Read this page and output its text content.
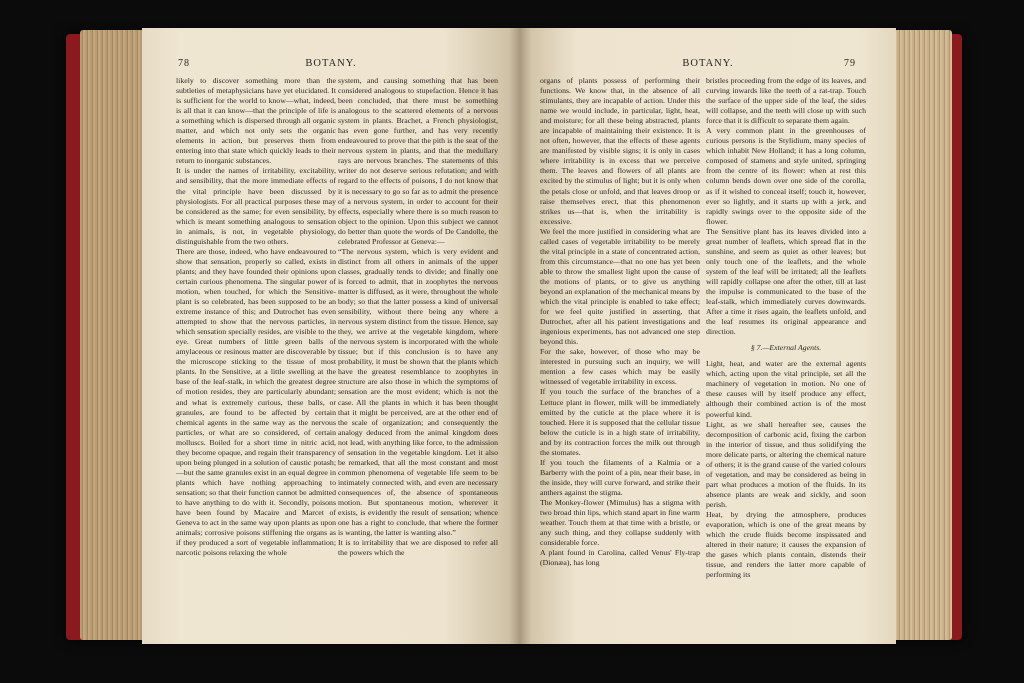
78	BOTANY.

likely to discover something more than the subtleties of metaphysicians have yet elucidated. It is sufficient for the world to know—what, indeed, is all that it can know—that the principle of life is a something which is dispersed through all organic matter, and which not only sets the organic elements in action, but preserves them from entering into that state which quickly leads to their return to inorganic substances.

It is under the names of irritability, excitability, and sensibility, that the more immediate effects of the vital principle have been discussed by physiologists. For all practical purposes these may be considered as the same; for even sensibility, by which is meant something analogous to sensation in animals, is not, in vegetable physiology, distinguishable from the two others.

There are those, indeed, who have endeavoured to show that sensation, properly so called, exists in plants; and they have founded their opinions upon certain curious phenomena. The singular power of motion, when touched, for which the Sensitive-plant is so celebrated, has been supposed to be an extreme instance of this; and Dutrochet has even attempted to show that the nervous particles, in which sensation specially resides, are visible to the eye. Great numbers of little green balls of amylaceous or resinous matter are discoverable by the microscope sticking to the tissue of most plants. In the Sensitive, at a little swelling at the base of the leaf-stalk, in which the greatest degree of motion resides, they are particularly abundant; and what is extremely curious, these balls, or granules, are found to be affected by certain chemical agents in the same way as the nervous particles, or what are so considered, of certain molluscs. Boiled for a short time in nitric acid, they become opaque, and regain their transparency upon being plunged in a solution of caustic potash;—but the same granules exist in an equal degree in plants which have nothing approaching to sensation; so that their function cannot be admitted to have anything to do with it. Secondly, poisons have been found by Macaire and Marcet of Geneva to act in the same way upon plants as upon animals; corrosive poisons stiffening the organs as if they produced a sort of vegetable inflammation; narcotic poisons relaxing the whole

system, and causing something that has been considered analogous to stupefaction. Hence it has been concluded, that there must be something analogous to the scattered elements of a nervous system in plants. Brachet, a French physiologist, has even gone further, and has very recently endeavoured to prove that the pith is the seat of the nervous system in plants, and that the medullary rays are nervous branches. The statements of this writer do not deserve serious refutation; and with regard to the effects of poisons, I do not know that it is necessary to go so far as to admit the presence of a nervous system, in order to account for their effects, especially where there is so much reason to object to the opinion. Upon this subject we cannot do better than quote the words of De Candolle, the celebrated Professor at Geneva:—

“The nervous system, which is very evident and distinct from all others in animals of the upper classes, gradually tends to divide; and finally one is forced to admit, that in zoophytes the nervous matter is diffused, as it were, throughout the whole body; so that the latter possess a kind of universal sensibility, without there being any where a nervous system distinct from the tissue. Hence, say they, we arrive at the vegetable kingdom, where the nervous system is incorporated with the whole tissue; but if this conclusion is to have any probability, it must be shown that the plants which have the greatest resemblance to zoophytes in structure are also those in which the symptoms of sensation are the most evident; which is not the case. All the plants in which it has been thought that it might be perceived, are at the other end of the scale of organization; and consequently the analogy deduced from the animal kingdom does not lead, with anything like force, to the admission of sensation in the vegetable kingdom. Let it also be remarked, that all the most constant and most common phenomena of vegetable life seem to be intimately connected with, and even are necessary consequences of, the absence of spontaneous motion. But spontaneous motion, wherever it exists, is evidently the result of sensation; whence one has a right to conclude, that where the former is wanting, the latter is wanting also.”

It is to irritability that we are disposed to refer all the powers which the

BOTANY.	79

organs of plants possess of performing their functions. We know that, in the absence of all stimulants, they are incapable of action. Under this name we would include, in particular, light, heat, and moisture; for all these being abstracted, plants are incapable of maintaining their existence. It is not often, however, that the effects of these agents are manifested by visible signs; it is only in cases where irritability is in excess that we perceive them. The leaves and flowers of all plants are excited by the stimulus of light; but it is only when the petals close or unfold, and that leaves droop or raise themselves erect, that this phenomenon strikes us—that is, when the irritability is excessive.

We feel the more justified in considering what are called cases of vegetable irritability to be merely the vital principle in a state of concentrated action, from this circumstance—that no one has yet been able to throw the smallest light upon the cause of the motions of plants, or to give us anything beyond an explanation of the mechanical means by which the vital principle is enabled to take effect; for we feel quite justified in asserting, that Dutrochet, after all his patient investigations and ingenious experiments, has not advanced one step beyond this.

For the sake, however, of those who may be interested in pursuing such an inquiry, we will mention a few cases which may be easily witnessed of vegetable irritability in excess.

If you touch the surface of the branches of a Lettuce plant in flower, milk will be immediately emitted by the cuticle at the place where it is touched. Here it is supposed that the cellular tissue below the cuticle is in a high state of irritability, and by its contraction forces the milk out through the stomates.

If you touch the filaments of a Kalmia or a Barberry with the point of a pin, near their base, in the inside, they will curve forward, and strike their anthers against the stigma.

The Monkey-flower (Mimulus) has a stigma with two broad thin lips, which stand apart in fine warm weather. Touch them at that time with a bristle, or any such thing, and they collapse suddenly with considerable force.

A plant found in Carolina, called Venus' Fly-trap (Dionæa), has long

bristles proceeding from the edge of its leaves, and curving inwards like the teeth of a rat-trap. Touch the surface of the upper side of the leaf, the sides will collapse, and the teeth will close up with such force that it is difficult to separate them again.

A very common plant in the greenhouses of curious persons is the Stylidium, many species of which inhabit New Holland; it has a long column, composed of stamens and style united, springing from the centre of its flower: when at rest this column bends down over one side of the corolla, as if it wished to conceal itself; touch it, however, ever so lightly, and it starts up with a jerk, and rapidly swings over to the opposite side of the flower.

The Sensitive plant has its leaves divided into a great number of leaflets, which spread flat in the sunshine, and seem as quiet as other leaves; but only touch one of the leaflets, and the whole system of the leaf will be irritated; all the leaflets will rapidly collapse one after the other, till at last the impulse is communicated to the base of the leaf-stalk, which immediately curves downwards. After a time it rises again, the leaflets unfold, and the leaf resumes its original appearance and direction.

§ 7.—External Agents.

Light, heat, and water are the external agents which, acting upon the vital principle, set all the machinery of vegetation in motion. No one of these causes will by itself produce any effect, although their combined action is of the most powerful kind.

Light, as we shall hereafter see, causes the decomposition of carbonic acid, fixing the carbon in the interior of tissue, and thus solidifying the more delicate parts, or altering the chemical nature of others; it is the grand cause of the varied colours of vegetation, and may be considered as being in part what produces a motion of the fluids. In its absence plants are weak and sickly, and soon perish.

Heat, by drying the atmosphere, produces evaporation, which is one of the great means by which the crude fluids become inspissated and altered in their nature; it causes the expansion of the gases which plants contain, distends their tissue, and renders the latter more capable of performing its
